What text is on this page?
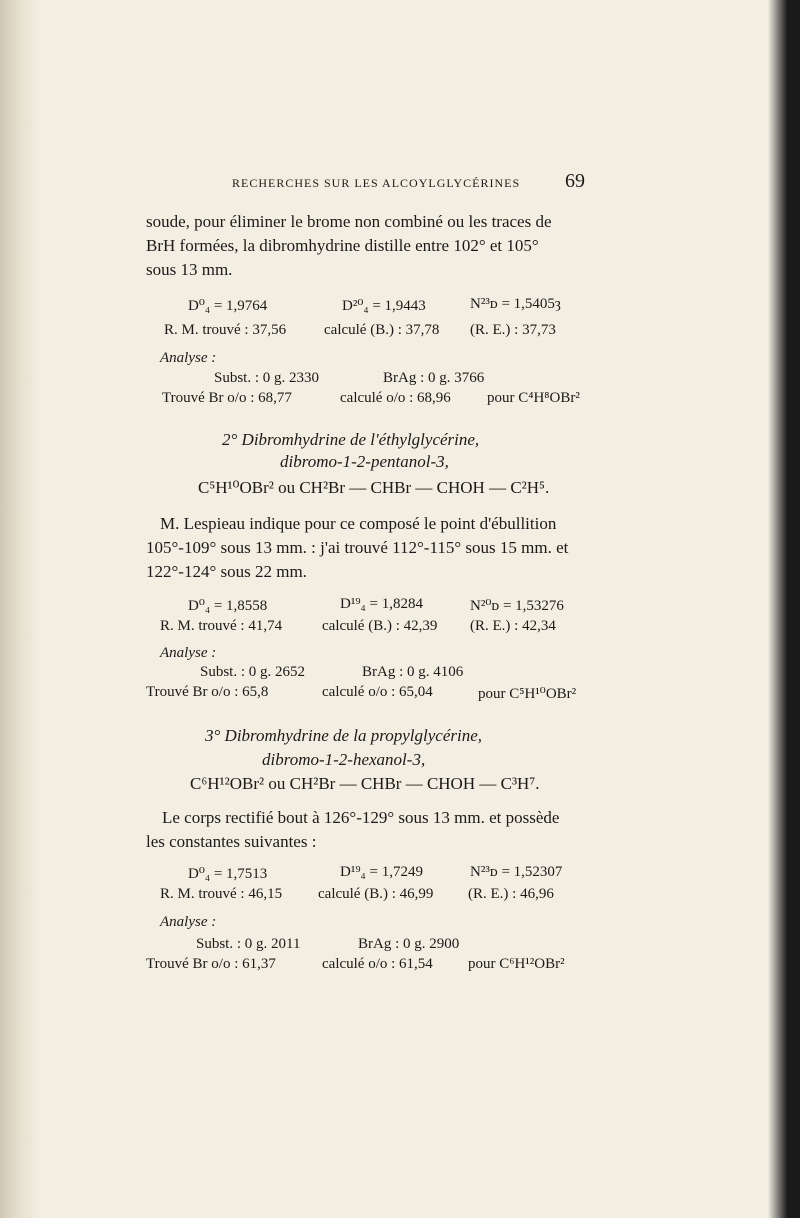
RECHERCHES SUR LES ALCOYLGLYCÉRINES 69
soude, pour éliminer le brome non combiné ou les traces de
BrH formées, la dibromhydrine distille entre 102° et 105°
sous 13 mm.
D⁰₄ = 1,9764	D²⁰₄ = 1,9443	N²³ᴅ = 1,5405ȝ
R. M. trouvé : 37,56	calculé (B.) : 37,78 (R. E.) : 37,73
Analyse :
Subst. : 0 g. 2330	BrAg : 0 g. 3766
Trouvé Br o/o : 68,77	calculé o/o : 68,96 pour C⁴H⁸OBr²
2° Dibromhydrine de l'éthylglycérine,
dibromo-1-2-pentanol-3,
C⁵H¹⁰OBr² ou CH²Br — CHBr — CHOH — C²H⁵.
M. Lespieau indique pour ce composé le point d'ébullition
105°-109° sous 13 mm. : j'ai trouvé 112°-115° sous 15 mm. et
122°-124° sous 22 mm.
D⁰₄ = 1,8558	D¹⁹₄ = 1,8284	N²⁰ᴅ = 1,53276
R. M. trouvé : 41,74	calculé (B.) : 42,39 (R. E.) : 42,34
Analyse :
Subst. : 0 g. 2652	BrAg : 0 g. 4106
Trouvé Br o/o : 65,8	calculé o/o : 65,04	pour C⁵H¹⁰OBr²
3° Dibromhydrine de la propylglycérine,
dibromo-1-2-hexanol-3,
C⁶H¹²OBr² ou CH²Br — CHBr — CHOH — C³H⁷.
Le corps rectifié bout à 126°-129° sous 13 mm. et possède
les constantes suivantes :
D⁰₄ = 1,7513	D¹⁹₄ = 1,7249	N²³ᴅ = 1,52307
R. M. trouvé : 46,15 calculé (B.) : 46,99 (R. E.) : 46,96
Analyse :
Subst. : 0 g. 2011	BrAg : 0 g. 2900
Trouvé Br o/o : 61,37	calculé o/o : 61,54 pour C⁶H¹²OBr²
